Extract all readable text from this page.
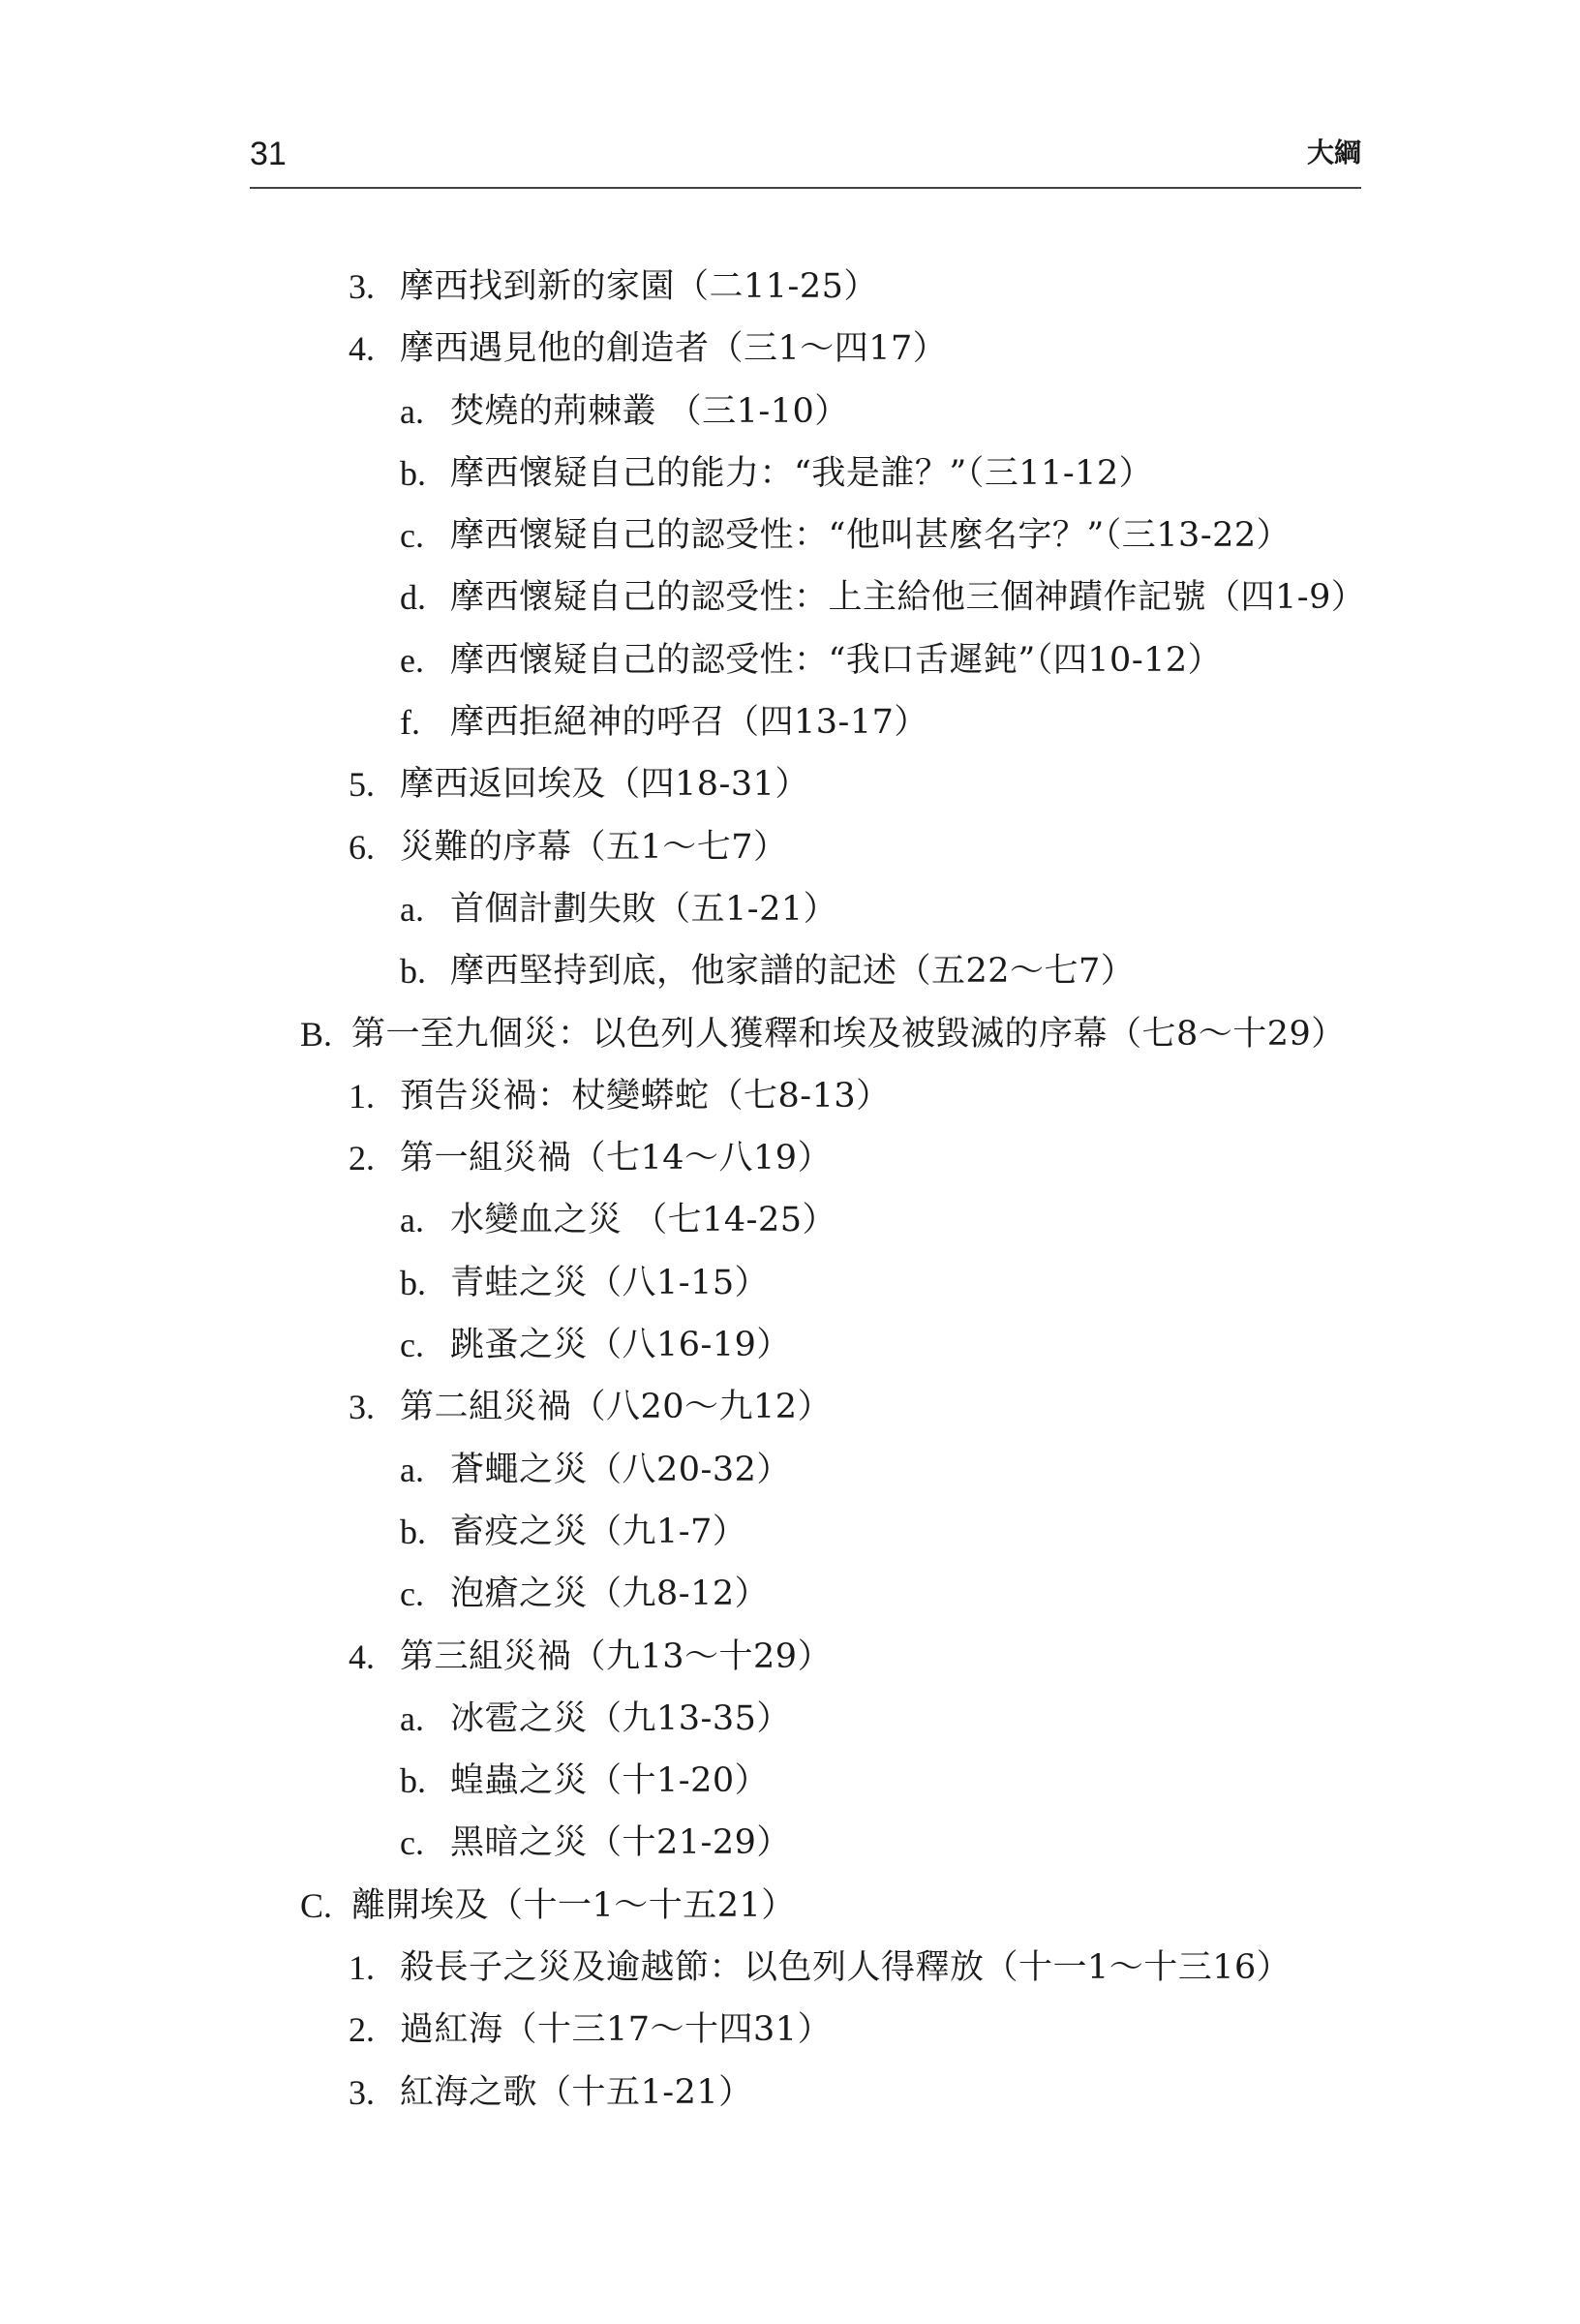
31	大綱
3. 摩西找到新的家園（二11-25）
4. 摩西遇見他的創造者（三1～四17）
a. 焚燒的荊棘叢 （三1-10）
b. 摩西懷疑自己的能力：“我是誰？”（三11-12）
c. 摩西懷疑自己的認受性：“他叫甚麼名字？”（三13-22）
d. 摩西懷疑自己的認受性：上主給他三個神蹟作記號（四1-9）
e. 摩西懷疑自己的認受性：“我口舌遲鈍”（四10-12）
f. 摩西拒絕神的呼召（四13-17）
5. 摩西返回埃及（四18-31）
6. 災難的序幕（五1～七7）
a. 首個計劃失敗（五1-21）
b. 摩西堅持到底，他家譜的記述（五22～七7）
B. 第一至九個災：以色列人獲釋和埃及被毀滅的序幕（七8～十29）
1. 預告災禍：杖變蟒蛇（七8-13）
2. 第一組災禍（七14～八19）
a. 水變血之災 （七14-25）
b. 青蛙之災（八1-15）
c. 跳蚤之災（八16-19）
3. 第二組災禍（八20～九12）
a. 蒼蠅之災（八20-32）
b. 畜疫之災（九1-7）
c. 泡瘡之災（九8-12）
4. 第三組災禍（九13～十29）
a. 冰雹之災（九13-35）
b. 蝗蟲之災（十1-20）
c. 黑暗之災（十21-29）
C. 離開埃及（十一1～十五21）
1. 殺長子之災及逾越節：以色列人得釋放（十一1～十三16）
2. 過紅海（十三17～十四31）
3. 紅海之歌（十五1-21）
